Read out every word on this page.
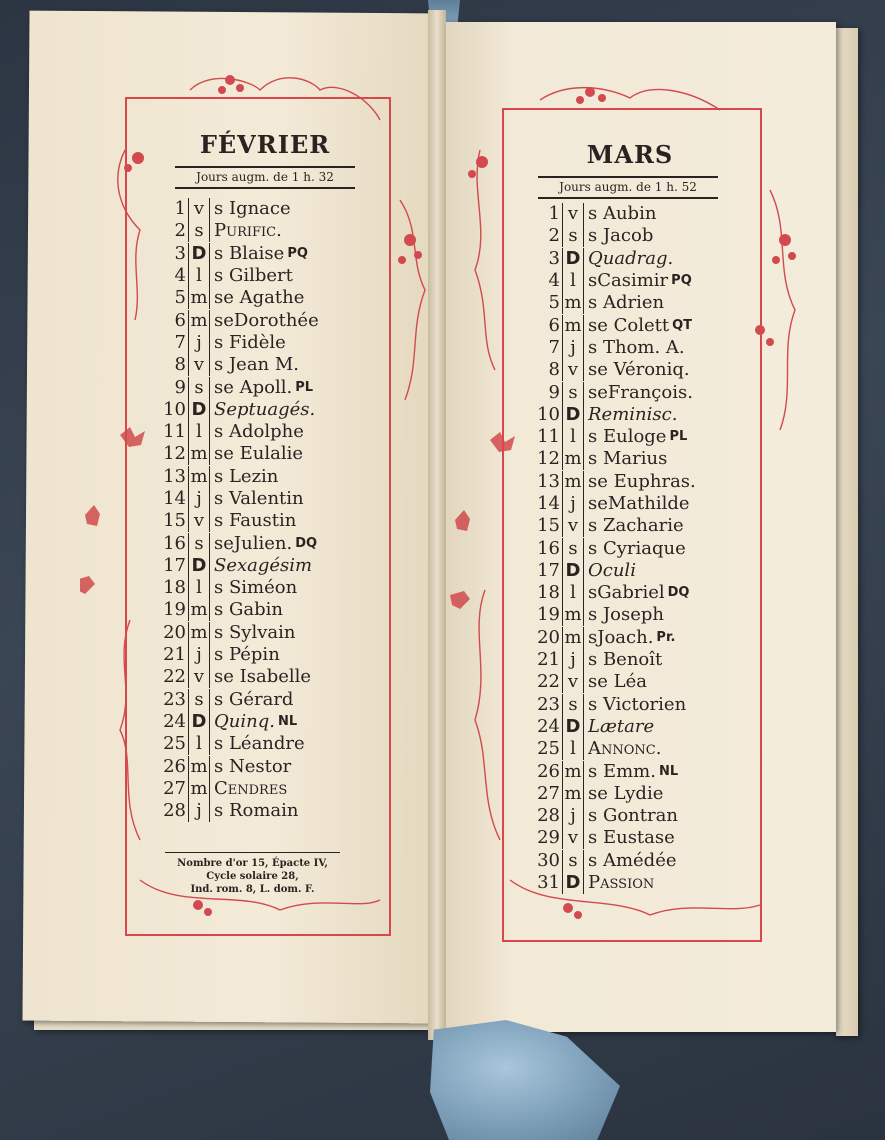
FÉVRIER
Jours augm. de 1 h. 32
1 v s Ignace
2 s Purific.
3 D s Blaise PQ
4 l s Gilbert
5 m se Agathe
6 m seDorothée
7 j s Fidèle
8 v s Jean M.
9 s se Apoll. PL
10 D Septuagés.
11 l s Adolphe
12 m se Eulalie
13 m s Lezin
14 j s Valentin
15 v s Faustin
16 s seJulien. DQ
17 D Sexagésim
18 l s Siméon
19 m s Gabin
20 m s Sylvain
21 j s Pépin
22 v se Isabelle
23 s s Gérard
24 D Quinq. NL
25 l s Léandre
26 m s Nestor
27 m Cendres
28 j s Romain
Nombre d'or 15, Épacte IV,
Cycle solaire 28,
Ind. rom. 8, L. dom. F.
MARS
Jours augm. de 1 h. 52
1 v s Aubin
2 s s Jacob
3 D Quadrag.
4 l sCasimir PQ
5 m s Adrien
6 m se Colett QT
7 j s Thom. A.
8 v se Véroniq.
9 s seFrançois.
10 D Reminisc.
11 l s Euloge PL
12 m s Marius
13 m se Euphras.
14 j seMathilde
15 v s Zacharie
16 s s Cyriaque
17 D Oculi
18 l sGabriel DQ
19 m s Joseph
20 m sJoach. Pr.
21 j s Benoît
22 v se Léa
23 s s Victorien
24 D Lætare
25 l Annonc.
26 m s Emm. NL
27 m se Lydie
28 j s Gontran
29 v s Eustase
30 s s Amédée
31 D Passion
